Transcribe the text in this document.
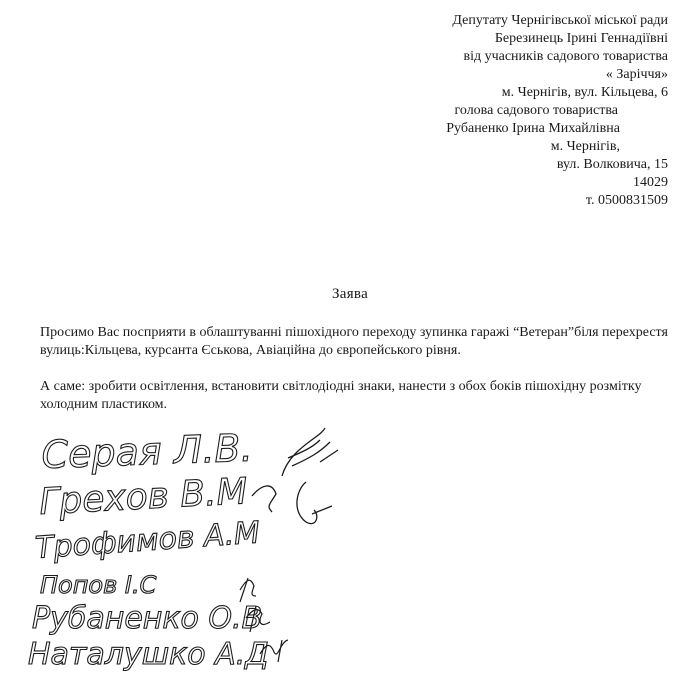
Депутату Чернігівської міської ради
Березинець Ірині Геннадіївні
від учасників садового товариства
« Заріччя»
м. Чернігів, вул. Кільцева, 6
голова садового товариства
Рубаненко Ірина Михайлівна
м. Чернігів,
вул. Волковича, 15
14029
т. 0500831509
Заява
Просимо Вас посприяти в облаштуванні пішохідного переходу зупинка гаражі “Ветеран”біля перехрестя вулиць:Кільцева, курсанта Єськова, Авіаційна до європейського рівня.
А саме: зробити освітлення, встановити світлодіодні знаки, нанести з обох боків пішохідну розмітку холодним пластиком.
Серая Л.В.
Грехов В.М
Трофимов А.М
Попов І.С
Рубаненко О.В
Наталушко А.Д
